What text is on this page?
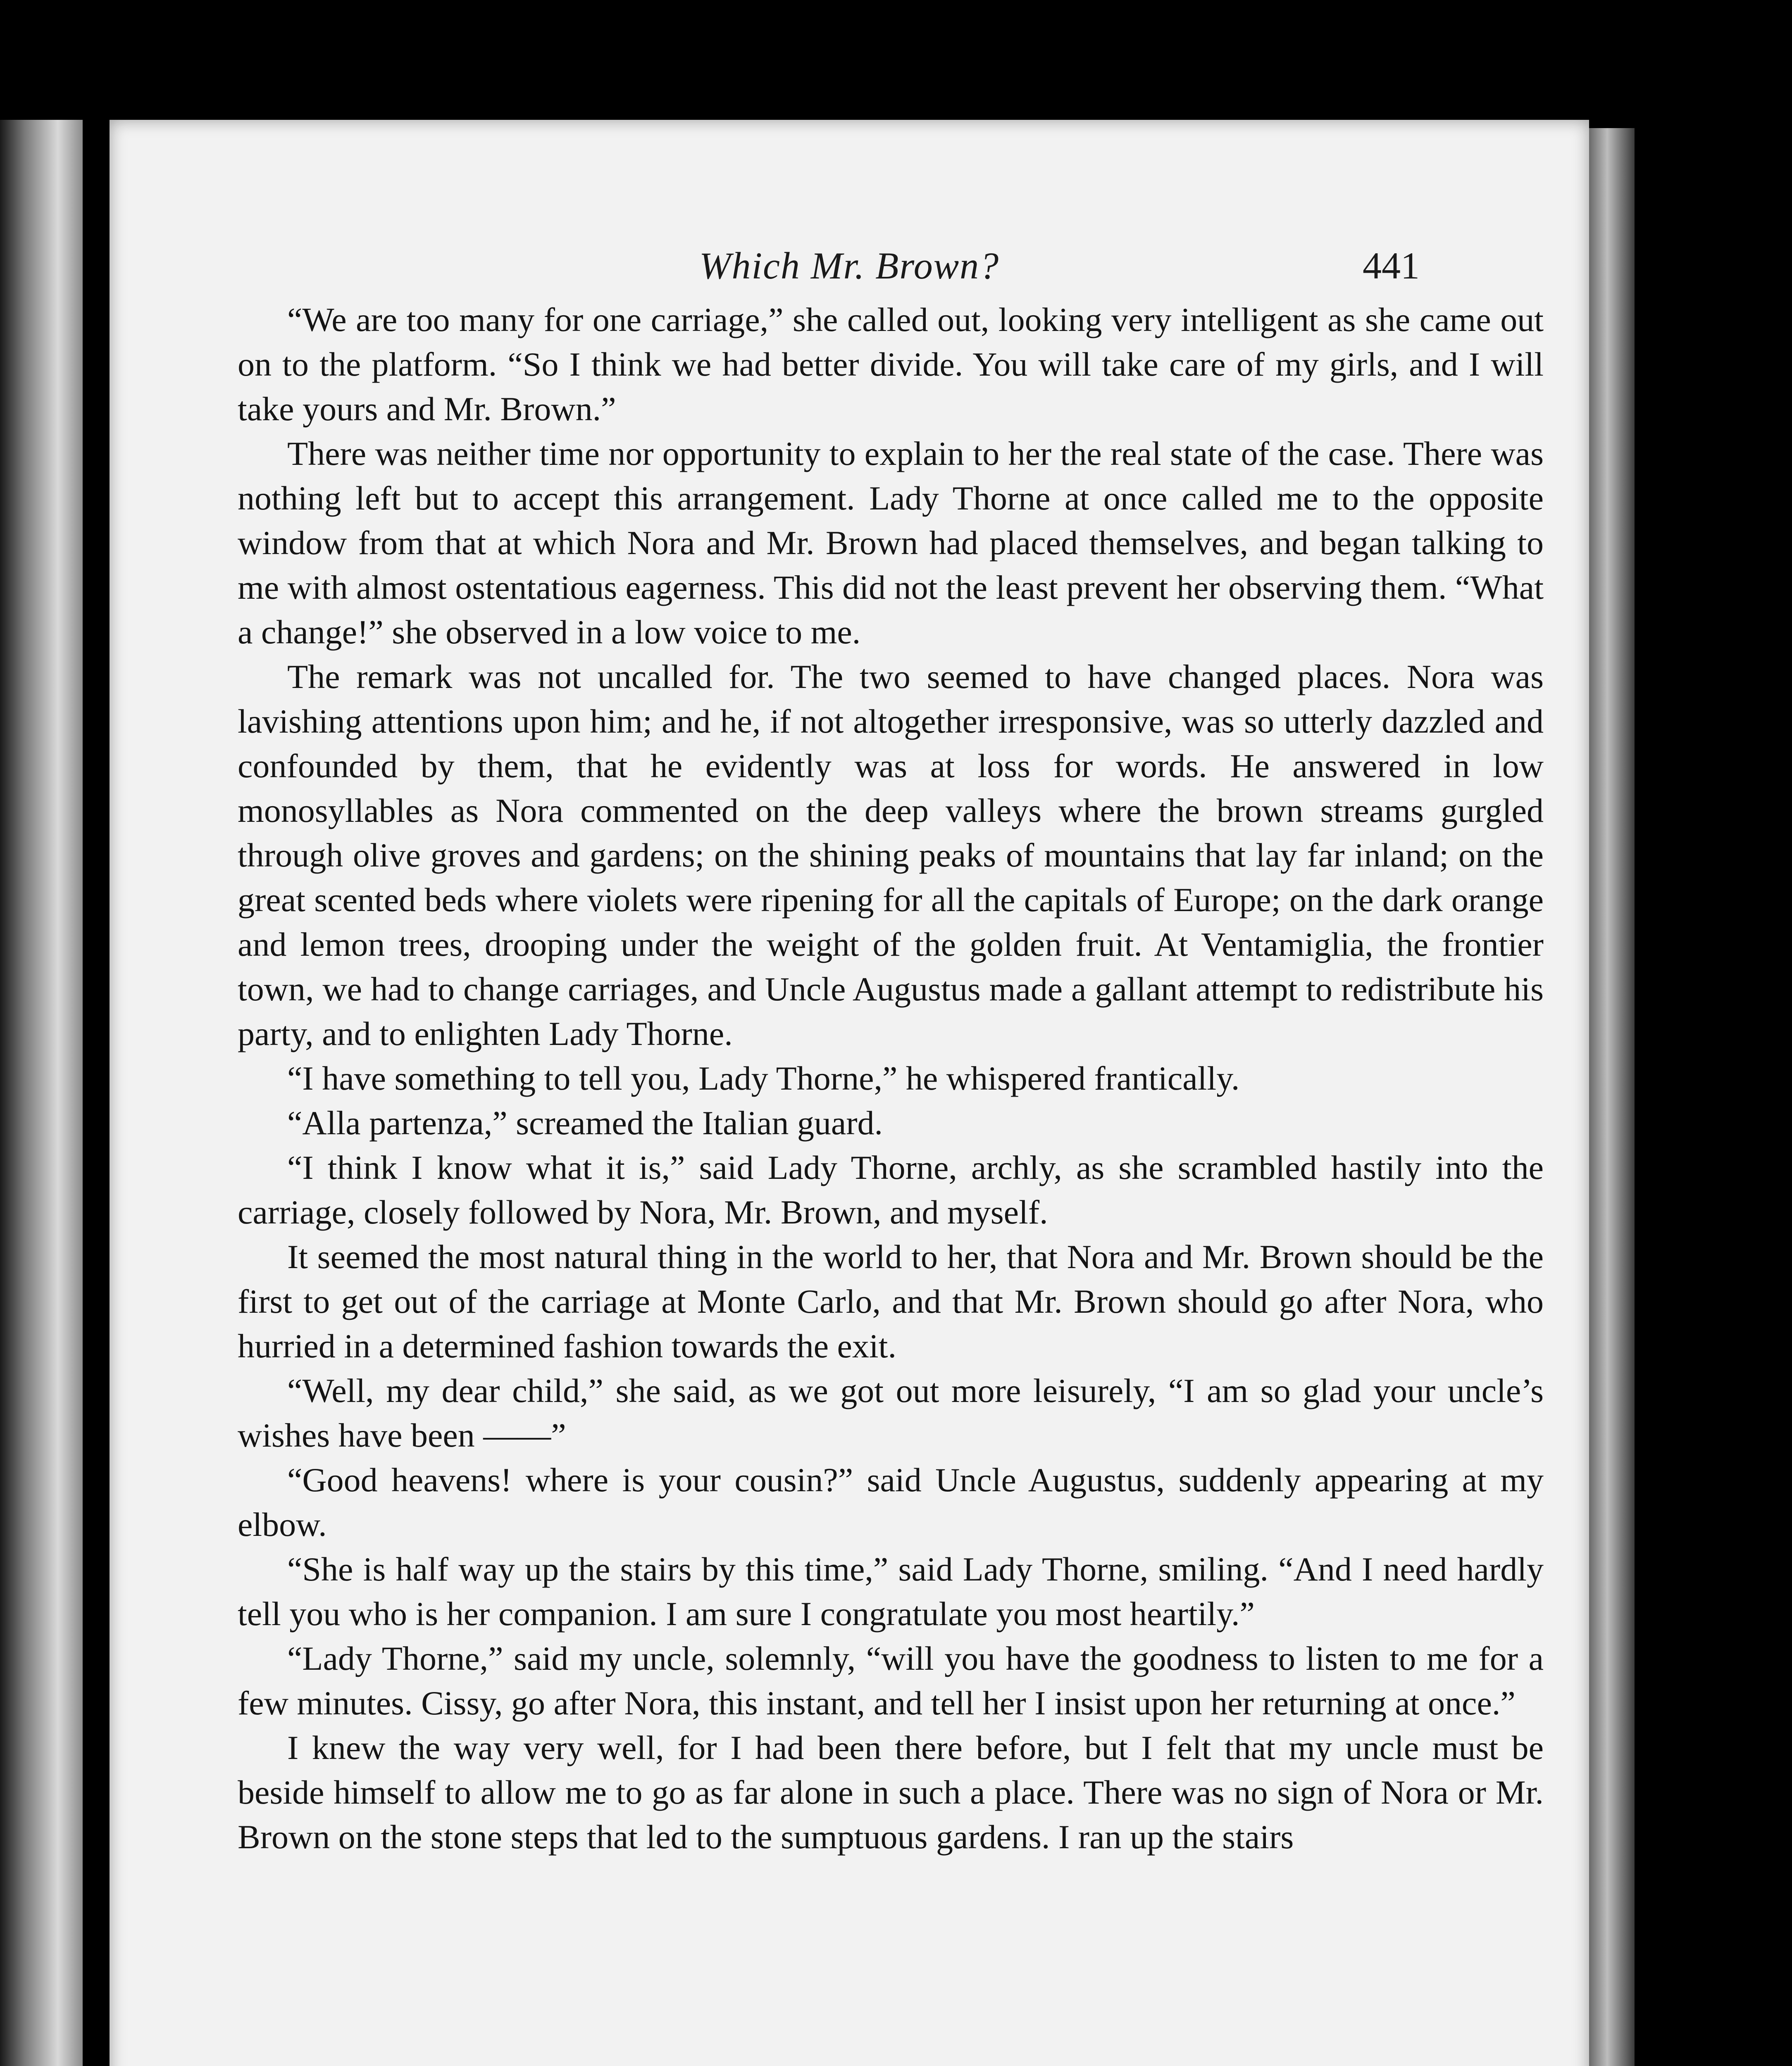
Which Mr. Brown?	441

“We are too many for one carriage,” she called out, looking very intelligent as she came out on to the platform. “So I think we had better divide. You will take care of my girls, and I will take yours and Mr. Brown.”

There was neither time nor opportunity to explain to her the real state of the case. There was nothing left but to accept this arrangement. Lady Thorne at once called me to the opposite window from that at which Nora and Mr. Brown had placed themselves, and began talking to me with almost ostentatious eagerness. This did not the least prevent her observing them. “What a change!” she observed in a low voice to me.

The remark was not uncalled for. The two seemed to have changed places. Nora was lavishing attentions upon him; and he, if not altogether irresponsive, was so utterly dazzled and confounded by them, that he evidently was at loss for words. He answered in low monosyllables as Nora commented on the deep valleys where the brown streams gurgled through olive groves and gardens; on the shining peaks of mountains that lay far inland; on the great scented beds where violets were ripening for all the capitals of Europe; on the dark orange and lemon trees, drooping under the weight of the golden fruit. At Ventamiglia, the frontier town, we had to change carriages, and Uncle Augustus made a gallant attempt to redistribute his party, and to enlighten Lady Thorne.

“I have something to tell you, Lady Thorne,” he whispered frantically.

“Alla partenza,” screamed the Italian guard.

“I think I know what it is,” said Lady Thorne, archly, as she scrambled hastily into the carriage, closely followed by Nora, Mr. Brown, and myself.

It seemed the most natural thing in the world to her, that Nora and Mr. Brown should be the first to get out of the carriage at Monte Carlo, and that Mr. Brown should go after Nora, who hurried in a determined fashion towards the exit.

“Well, my dear child,” she said, as we got out more leisurely, “I am so glad your uncle’s wishes have been ——”

“Good heavens! where is your cousin?” said Uncle Augustus, suddenly appearing at my elbow.

“She is half way up the stairs by this time,” said Lady Thorne, smiling. “And I need hardly tell you who is her companion. I am sure I congratulate you most heartily.”

“Lady Thorne,” said my uncle, solemnly, “will you have the goodness to listen to me for a few minutes. Cissy, go after Nora, this instant, and tell her I insist upon her returning at once.”

I knew the way very well, for I had been there before, but I felt that my uncle must be beside himself to allow me to go as far alone in such a place. There was no sign of Nora or Mr. Brown on the stone steps that led to the sumptuous gardens. I ran up the stairs
